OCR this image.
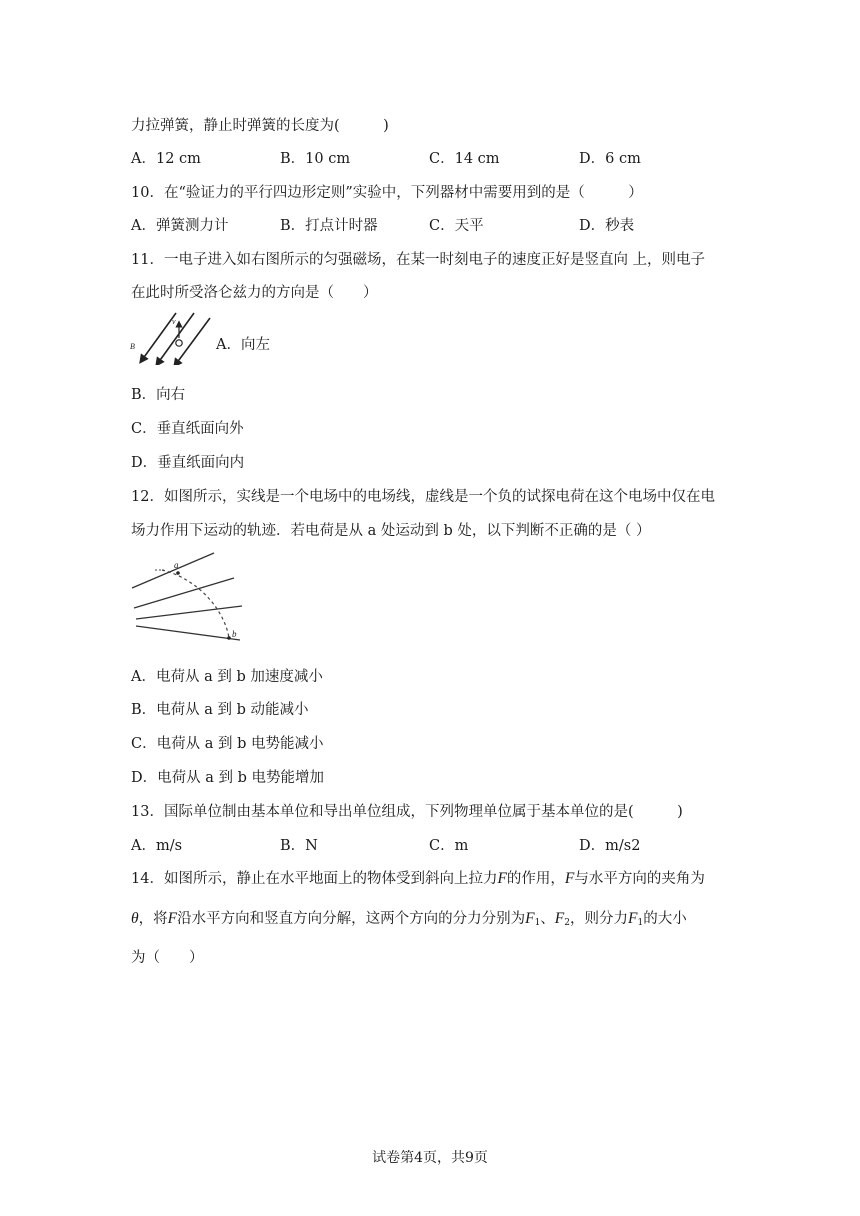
力拉弹簧，静止时弹簧的长度为(　　　)
A．12 cm	B．10 cm	C．14 cm	D．6 cm
10．在“验证力的平行四边形定则”实验中，下列器材中需要用到的是（　　　）
A．弹簧测力计	B．打点计时器	C．天平	D．秒表
11．一电子进入如右图所示的匀强磁场，在某一时刻电子的速度正好是竖直向 上，则电子
在此时所受洛仑兹力的方向是（　　）
v
B	A．向左
B．向右
C．垂直纸面向外
D．垂直纸面向内
12．如图所示，实线是一个电场中的电场线，虚线是一个负的试探电荷在这个电场中仅在电
场力作用下运动的轨迹．若电荷是从 a 处运动到 b 处，以下判断不正确的是（ ）
a
b
A．电荷从 a 到 b 加速度减小
B．电荷从 a 到 b 动能减小
C．电荷从 a 到 b 电势能减小
D．电荷从 a 到 b 电势能增加
13．国际单位制由基本单位和导出单位组成，下列物理单位属于基本单位的是(　　　)
A．m/s	B．N	C．m	D．m/s2
14．如图所示，静止在水平地面上的物体受到斜向上拉力F的作用，F与水平方向的夹角为
θ，将F沿水平方向和竖直方向分解，这两个方向的分力分别为$F_1$、$F_2$，则分力$F_1$的大小
为（　　）
试卷第4页，共9页
